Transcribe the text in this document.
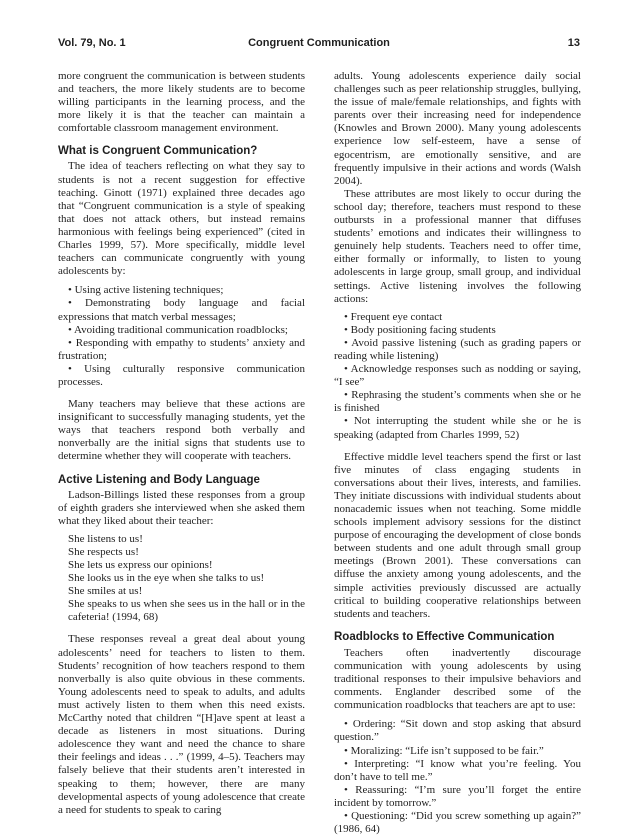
Vol. 79, No. 1	Congruent Communication	13

more congruent the communication is between students and teachers, the more likely students are to become willing participants in the learning process, and the more likely it is that the teacher can maintain a comfortable classroom management environment.

What is Congruent Communication?

The idea of teachers reflecting on what they say to students is not a recent suggestion for effective teaching. Ginott (1971) explained three decades ago that “Congruent communication is a style of speaking that does not attack others, but instead remains harmonious with feelings being experienced” (cited in Charles 1999, 57). More specifically, middle level teachers can communicate congruently with young adolescents by:

• Using active listening techniques;

• Demonstrating body language and facial expressions that match verbal messages;

• Avoiding traditional communication roadblocks;

• Responding with empathy to students’ anxiety and frustration;

• Using culturally responsive communication processes.

Many teachers may believe that these actions are insignificant to successfully managing students, yet the ways that teachers respond both verbally and nonverbally are the initial signs that students use to determine whether they will cooperate with teachers.

Active Listening and Body Language

Ladson-Billings listed these responses from a group of eighth graders she interviewed when she asked them what they liked about their teacher:

She listens to us!

She respects us!

She lets us express our opinions!

She looks us in the eye when she talks to us!

She smiles at us!

She speaks to us when she sees us in the hall or in the cafeteria! (1994, 68)

These responses reveal a great deal about young adolescents’ need for teachers to listen to them. Students’ recognition of how teachers respond to them nonverbally is also quite obvious in these comments. Young adolescents need to speak to adults, and adults must actively listen to them when this need exists. McCarthy noted that children “[H]ave spent at least a decade as listeners in most situations. During adolescence they want and need the chance to share their feelings and ideas . . .” (1999, 4–5). Teachers may falsely believe that their students aren’t interested in speaking to them; however, there are many developmental aspects of young adolescence that create a need for students to speak to caring

adults. Young adolescents experience daily social challenges such as peer relationship struggles, bullying, the issue of male/female relationships, and fights with parents over their increasing need for independence (Knowles and Brown 2000). Many young adolescents experience low self-esteem, have a sense of egocentrism, are emotionally sensitive, and are frequently impulsive in their actions and words (Walsh 2004).

These attributes are most likely to occur during the school day; therefore, teachers must respond to these outbursts in a professional manner that diffuses students’ emotions and indicates their willingness to genuinely help students. Teachers need to offer time, either formally or informally, to listen to young adolescents in large group, small group, and individual settings. Active listening involves the following actions:

• Frequent eye contact

• Body positioning facing students

• Avoid passive listening (such as grading papers or reading while listening)

• Acknowledge responses such as nodding or saying, “I see”

• Rephrasing the student’s comments when she or he is finished

• Not interrupting the student while she or he is speaking (adapted from Charles 1999, 52)

Effective middle level teachers spend the first or last five minutes of class engaging students in conversations about their lives, interests, and families. They initiate discussions with individual students about nonacademic issues when not teaching. Some middle schools implement advisory sessions for the distinct purpose of encouraging the development of close bonds between students and one adult through small group meetings (Brown 2001). These conversations can diffuse the anxiety among young adolescents, and the simple activities previously discussed are actually critical to building cooperative relationships between students and teachers.

Roadblocks to Effective Communication

Teachers often inadvertently discourage communication with young adolescents by using traditional responses to their impulsive behaviors and comments. Englander described some of the communication roadblocks that teachers are apt to use:

• Ordering: “Sit down and stop asking that absurd question.”

• Moralizing: “Life isn’t supposed to be fair.”

• Interpreting: “I know what you’re feeling. You don’t have to tell me.”

• Reassuring: “I’m sure you’ll forget the entire incident by tomorrow.”

• Questioning: “Did you screw something up again?” (1986, 64)
